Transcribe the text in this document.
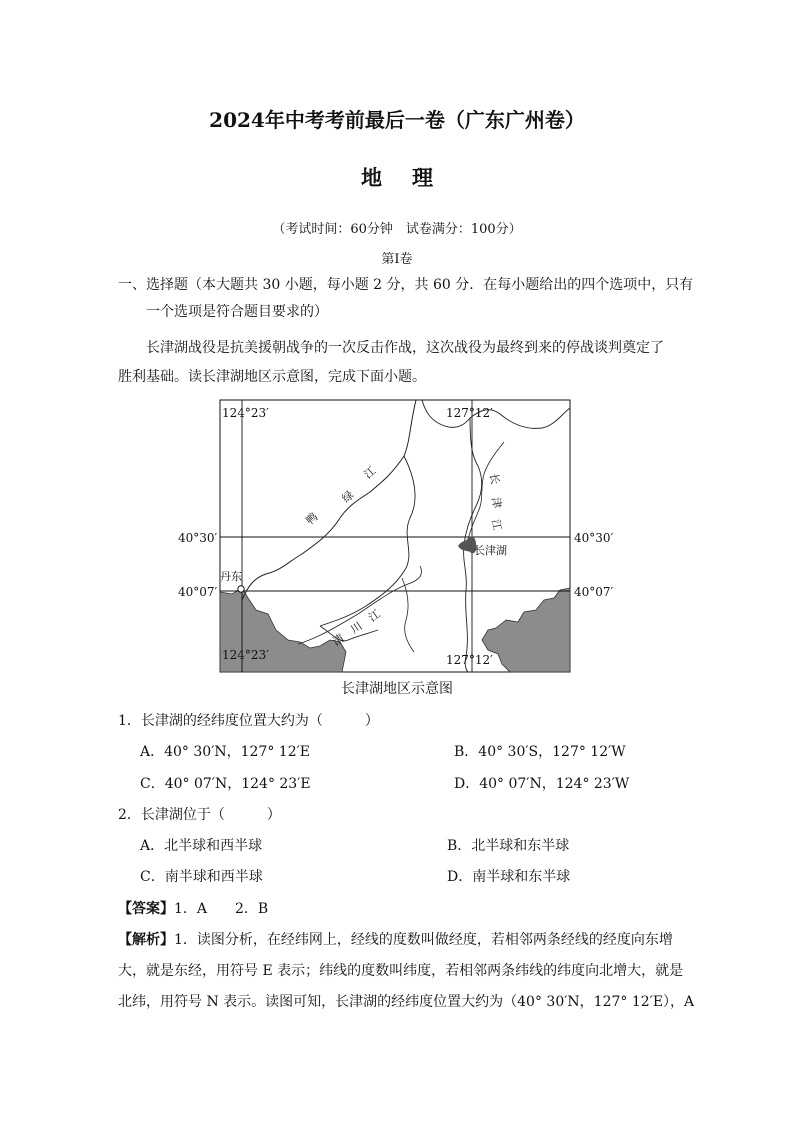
2024年中考考前最后一卷（广东广州卷）
地理
（考试时间：60分钟　试卷满分：100分）
第Ⅰ卷
一、选择题（本大题共 30 小题，每小题 2 分，共 60 分．在每小题给出的四个选项中，只有
一个选项是符合题目要求的）
长津湖战役是抗美援朝战争的一次反击作战，这次战役为最终到来的停战谈判奠定了
胜利基础。读长津湖地区示意图，完成下面小题。
124°23′	127°12′
124°23′	127°12′
40°30′	40°30′
40°07′	40°07′
丹东
长津湖
鸭
绿
江	长
津
江
清
川
江
长津湖地区示意图
1．长津湖的经纬度位置大约为（　　　）
A．40° 30′N，127° 12′E	B．40° 30′S，127° 12′W
C．40° 07′N，124° 23′E	D．40° 07′N，124° 23′W
2．长津湖位于（　　　）
A．北半球和西半球	B．北半球和东半球
C．南半球和西半球	D．南半球和东半球
【答案】1．A　　2．B
【解析】1．读图分析，在经纬网上，经线的度数叫做经度，若相邻两条经线的经度向东增
大，就是东经，用符号 E 表示；纬线的度数叫纬度，若相邻两条纬线的纬度向北增大，就是
北纬，用符号 N 表示。读图可知，长津湖的经纬度位置大约为（40° 30′N，127° 12′E），A
